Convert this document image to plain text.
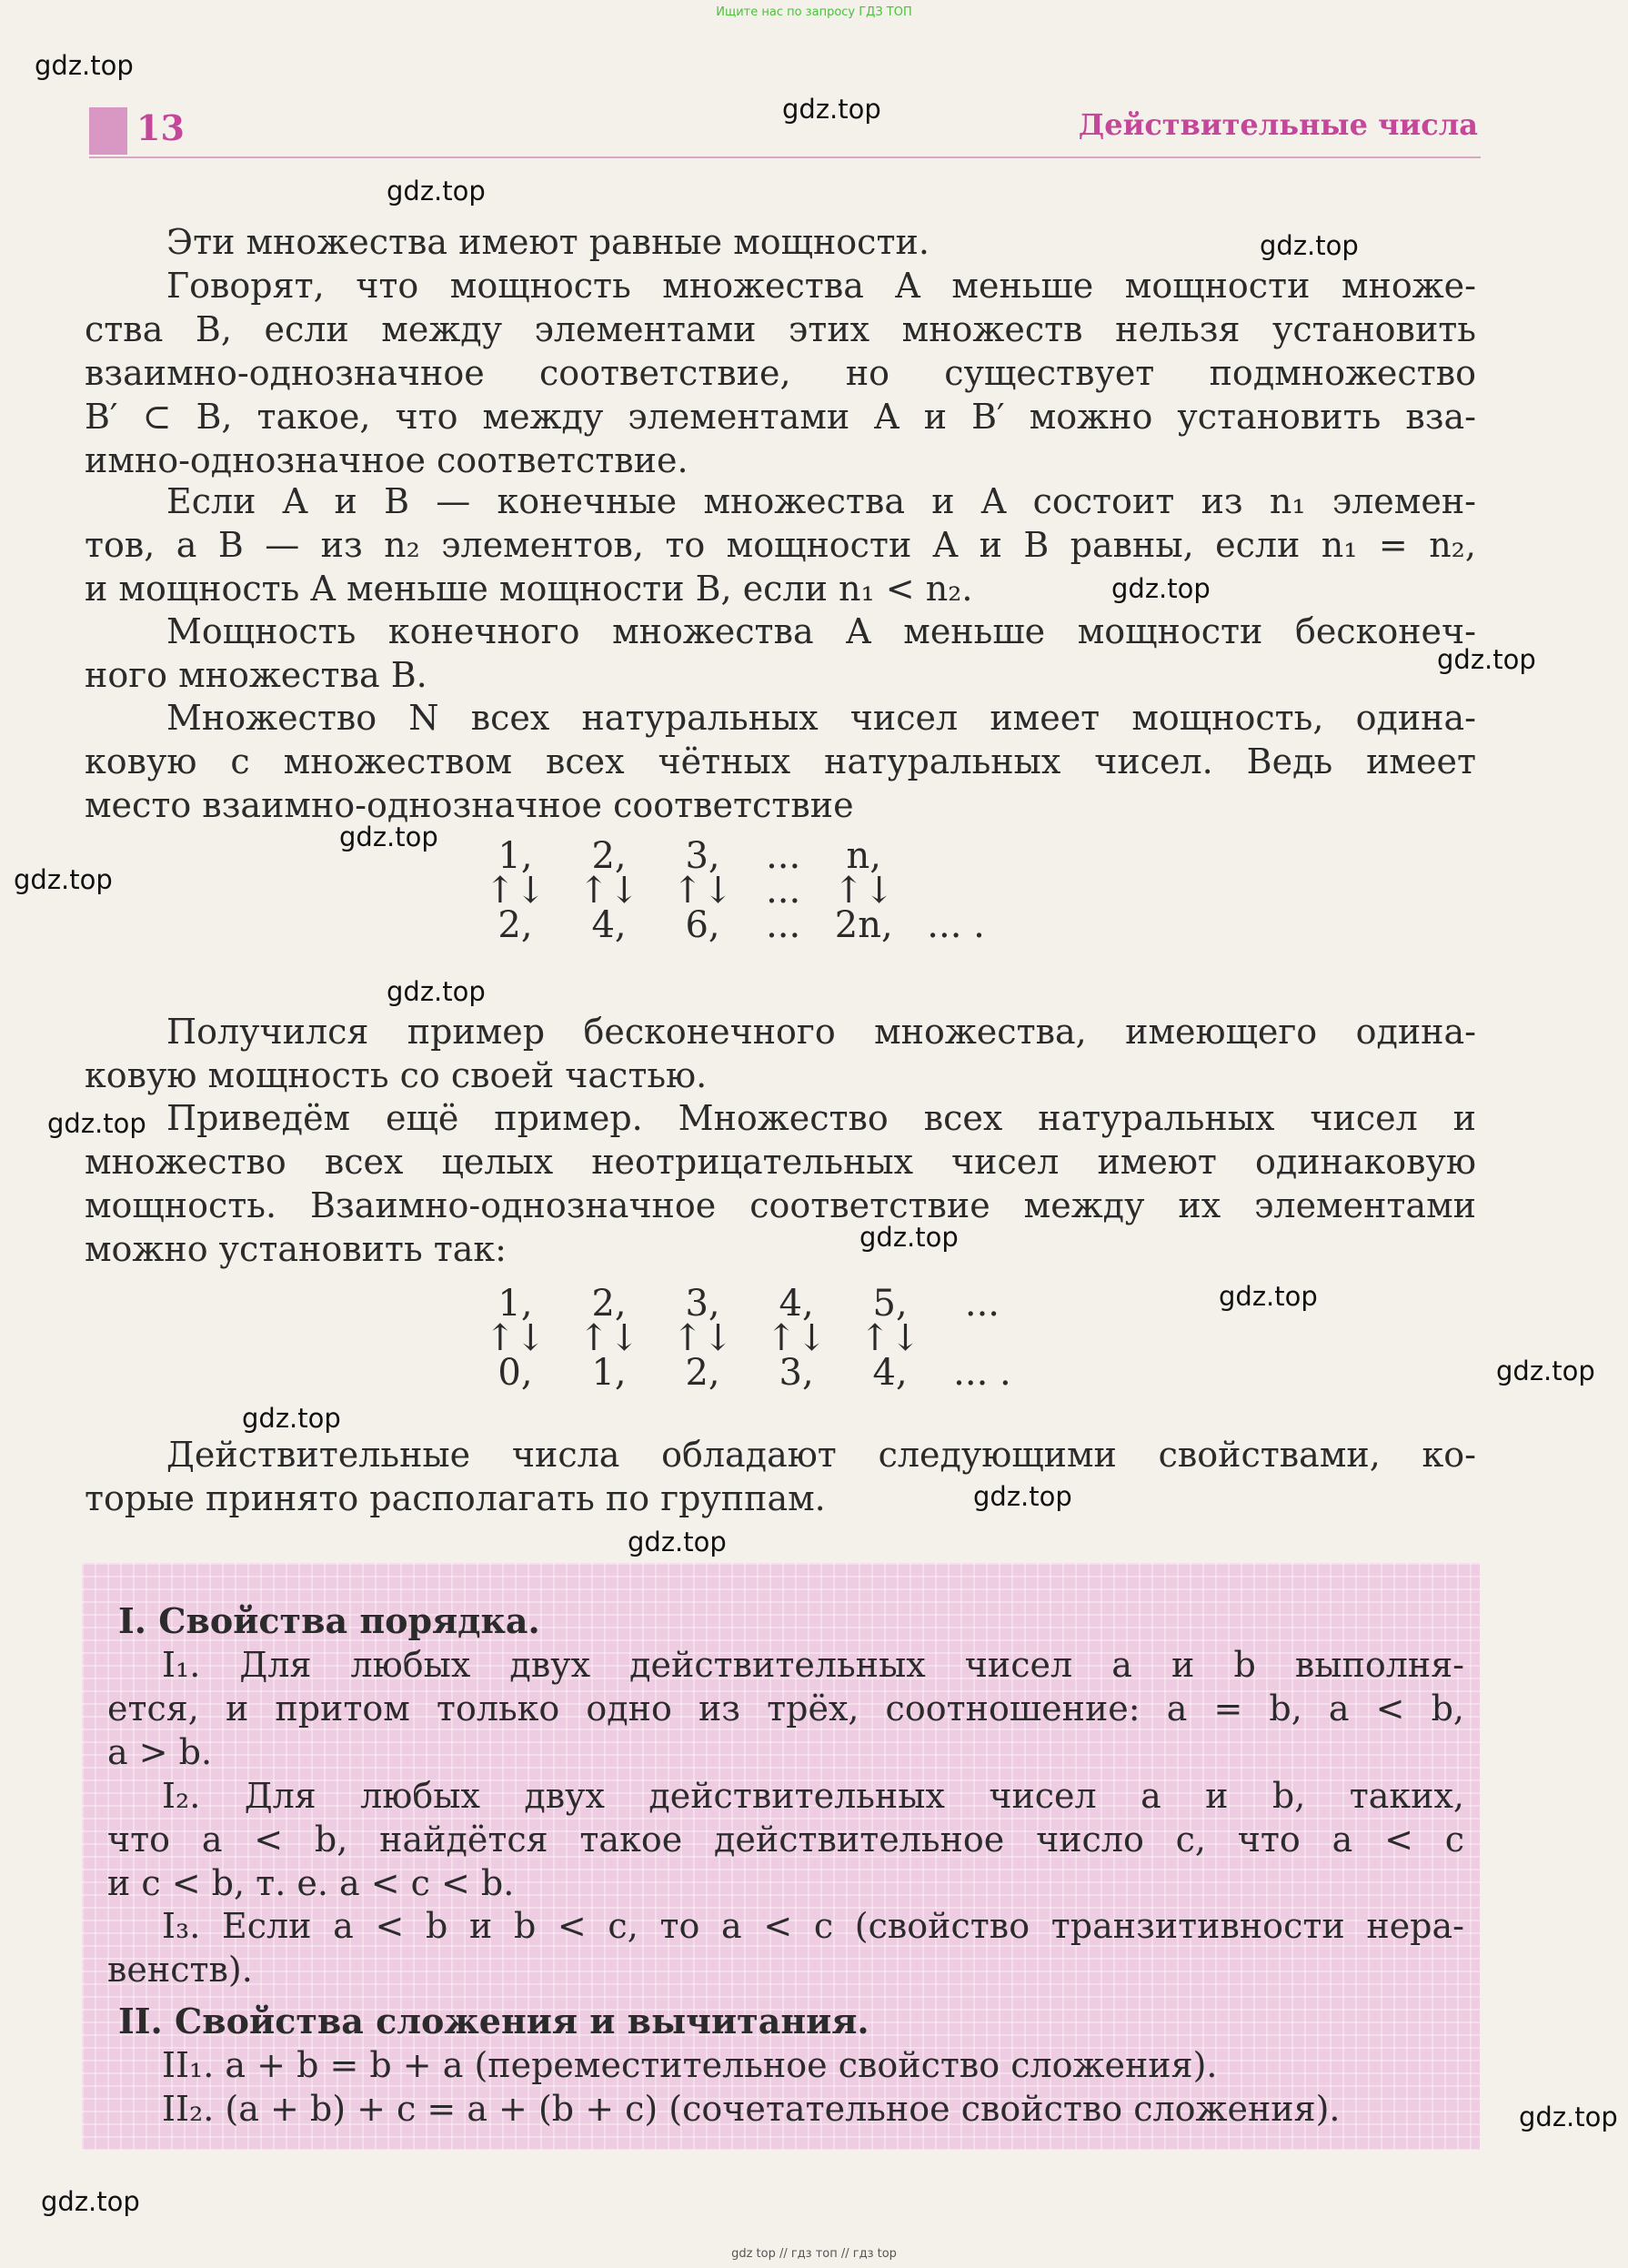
Ищите нас по запросу ГДЗ ТОП
gdz.top
gdz.top
gdz.top
gdz.top
gdz.top
gdz.top
gdz.top
gdz.top
gdz.top
gdz.top
gdz.top
gdz.top
gdz.top
gdz.top
gdz.top
gdz.top
gdz.top
gdz.top
13	Действительные числа
Эти множества имеют равные мощности.
Говорят, что мощность множества A меньше мощности множе-
ства B, если между элементами этих множеств нельзя установить
взаимно-однозначное соответствие, но существует подмножество
B′ ⊂ B, такое, что между элементами A и B′ можно установить вза-
имно-однозначное соответствие.
Если A и B — конечные множества и A состоит из n₁ элемен-
тов, а B — из n₂ элементов, то мощности A и B равны, если n₁ = n₂,
и мощность A меньше мощности B, если n₁ < n₂.
Мощность конечного множества A меньше мощности бесконеч-
ного множества B.
Множество N всех натуральных чисел имеет мощность, одина-
ковую с множеством всех чётных натуральных чисел. Ведь имеет
место взаимно-однозначное соответствие
1,	2,	3,	...	n,	
↑↓	↑↓	↑↓	...	↑↓	
2,	4,	6,	...	2n,	... .
Получился пример бесконечного множества, имеющего одина-
ковую мощность со своей частью.
Приведём ещё пример. Множество всех натуральных чисел и
множество всех целых неотрицательных чисел имеют одинаковую
мощность. Взаимно-однозначное соответствие между их элементами
можно установить так:
1,	2,	3,	4,	5,	...
↑↓	↑↓	↑↓	↑↓	↑↓	
0,	1,	2,	3,	4,	... .
Действительные числа обладают следующими свойствами, ко-
торые принято располагать по группам.
I. Свойства порядка.
I₁. Для любых двух действительных чисел a и b выполня-
ется, и притом только одно из трёх, соотношение: a = b, a < b,
a > b.
I₂. Для любых двух действительных чисел a и b, таких,
что a < b, найдётся такое действительное число c, что a < c
и c < b, т. е. a < c < b.
I₃. Если a < b и b < c, то a < c (свойство транзитивности нера-
венств).
II. Свойства сложения и вычитания.
II₁. a + b = b + a (переместительное свойство сложения).
II₂. (a + b) + c = a + (b + c) (сочетательное свойство сложения).
gdz top // гдз топ // гдз top
